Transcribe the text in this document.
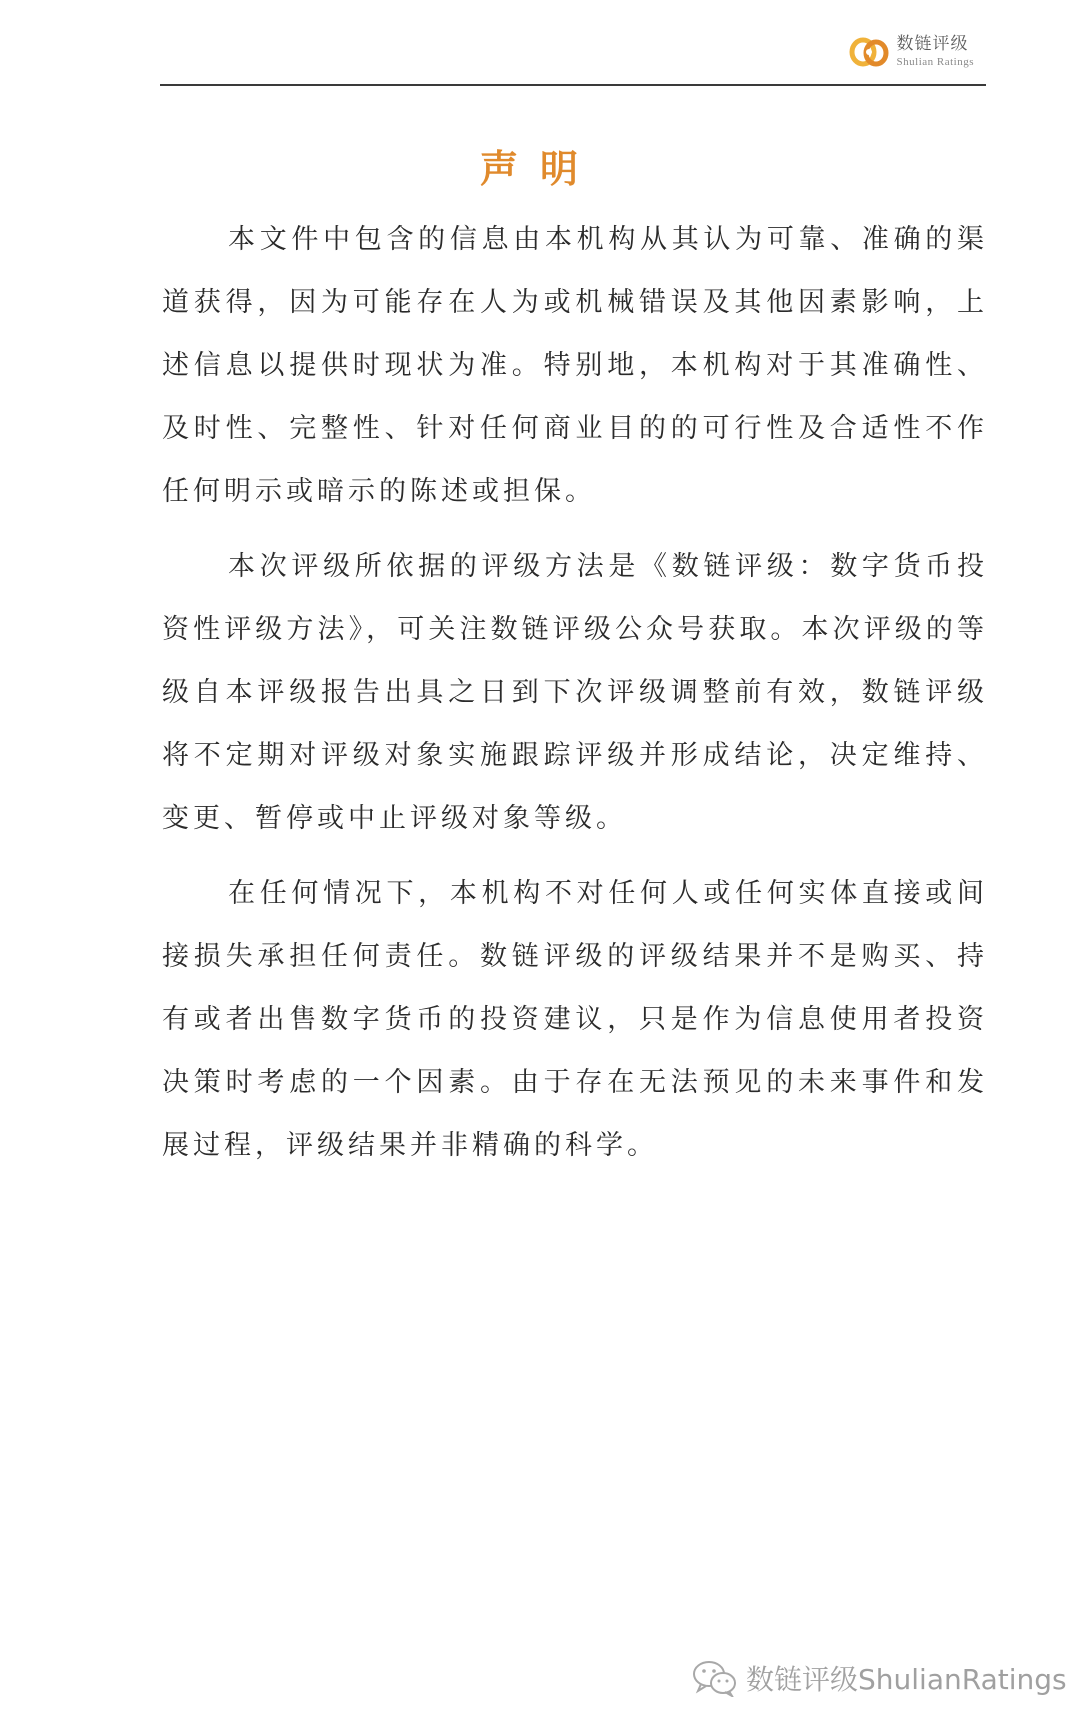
数链评级
Shulian Ratings
声明

本文件中包含的信息由本机构从其认为可靠、准确的渠道获得，因为可能存在人为或机械错误及其他因素影响，上述信息以提供时现状为准。特别地，本机构对于其准确性、及时性、完整性、针对任何商业目的的可行性及合适性不作任何明示或暗示的陈述或担保。

本次评级所依据的评级方法是《数链评级：数字货币投资性评级方法》，可关注数链评级公众号获取。本次评级的等级自本评级报告出具之日到下次评级调整前有效，数链评级将不定期对评级对象实施跟踪评级并形成结论，决定维持、变更、暂停或中止评级对象等级。

在任何情况下，本机构不对任何人或任何实体直接或间接损失承担任何责任。数链评级的评级结果并不是购买、持有或者出售数字货币的投资建议，只是作为信息使用者投资决策时考虑的一个因素。由于存在无法预见的未来事件和发展过程，评级结果并非精确的科学。

数链评级ShulianRatings
